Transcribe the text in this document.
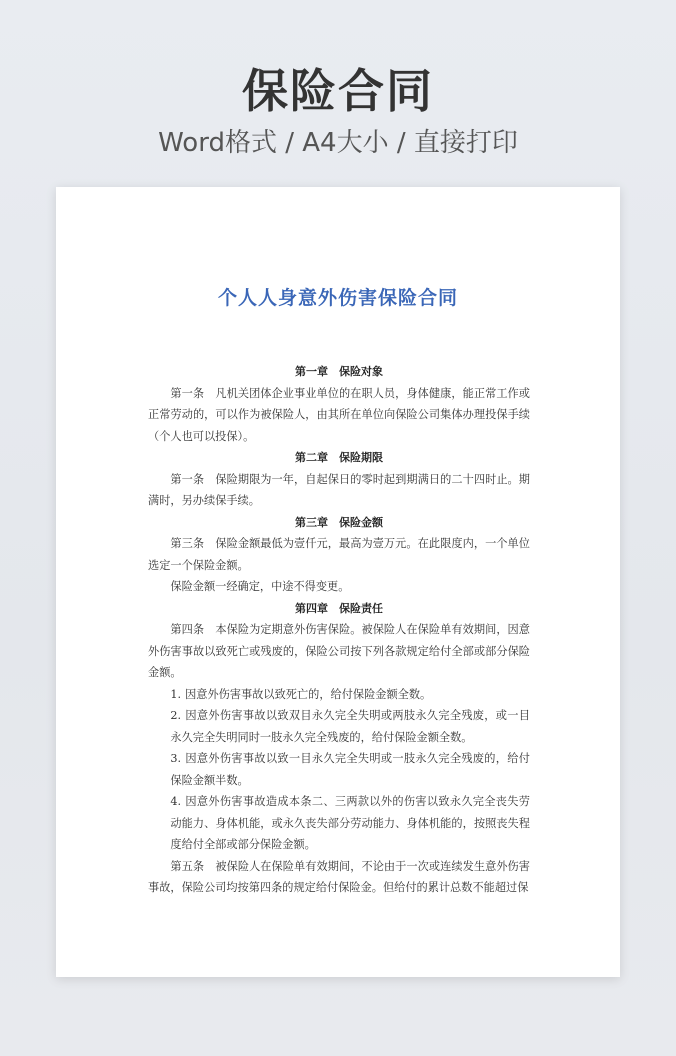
保险合同
Word格式 / A4大小 / 直接打印
个人人身意外伤害保险合同
第一章　保险对象
第一条　凡机关团体企业事业单位的在职人员，身体健康，能正常工作或正常劳动的，可以作为被保险人，由其所在单位向保险公司集体办理投保手续（个人也可以投保）。
第二章　保险期限
第一条　保险期限为一年，自起保日的零时起到期满日的二十四时止。期满时，另办续保手续。
第三章　保险金额
第三条　保险金额最低为壹仟元，最高为壹万元。在此限度内，一个单位选定一个保险金额。
保险金额一经确定，中途不得变更。
第四章　保险责任
第四条　本保险为定期意外伤害保险。被保险人在保险单有效期间，因意外伤害事故以致死亡或残废的，保险公司按下列各款规定给付全部或部分保险金额。
1. 因意外伤害事故以致死亡的，给付保险金额全数。
2. 因意外伤害事故以致双目永久完全失明或两肢永久完全残废，或一目永久完全失明同时一肢永久完全残废的，给付保险金额全数。
3. 因意外伤害事故以致一目永久完全失明或一肢永久完全残废的，给付保险金额半数。
4. 因意外伤害事故造成本条二、三两款以外的伤害以致永久完全丧失劳动能力、身体机能，或永久丧失部分劳动能力、身体机能的，按照丧失程度给付全部或部分保险金额。
第五条　被保险人在保险单有效期间，不论由于一次或连续发生意外伤害事故，保险公司均按第四条的规定给付保险金。但给付的累计总数不能超过保
